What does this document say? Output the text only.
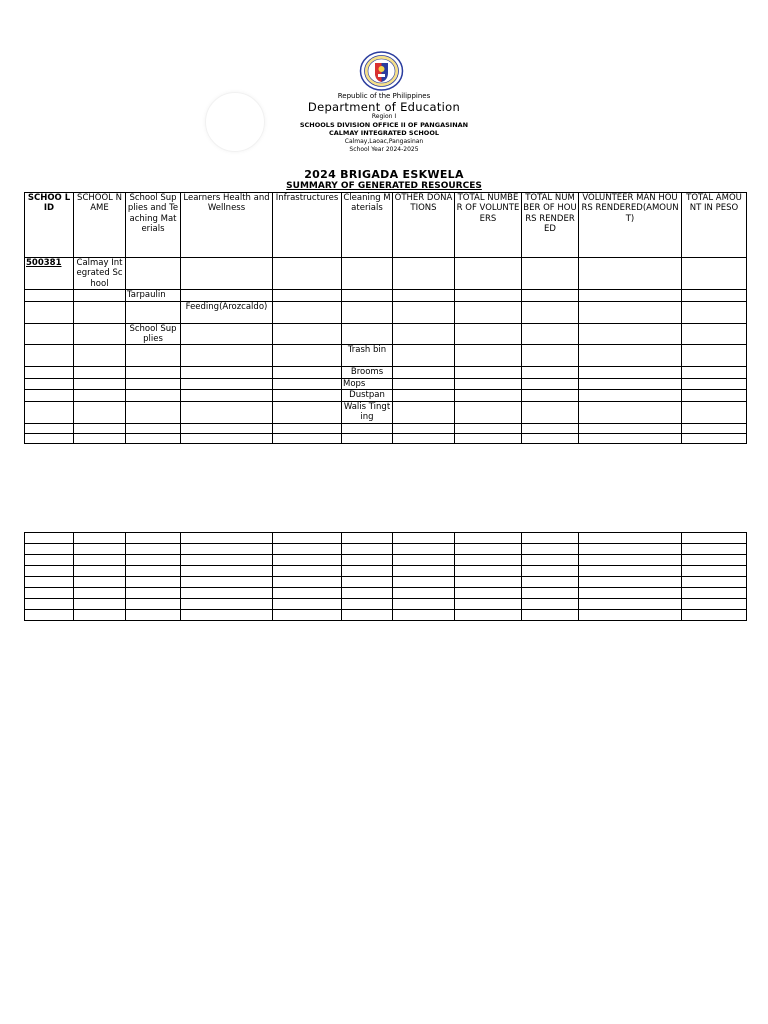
Republic of the Philippines
Department of Education
Region I
SCHOOLS DIVISION OFFICE II OF PANGASINAN
CALMAY INTEGRATED SCHOOL
Calmay,Laoac,Pangasinan
School Year 2024-2025
2024 BRIGADA ESKWELA
SUMMARY OF GENERATED RESOURCES
SCHOO L ID	SCHOOL NAME	School Supplies and Teaching Materials	Learners Health and Wellness	Infrastructures	Cleaning Materials	OTHER DONATIONS	TOTAL NUMBER OF VOLUNTEERS	TOTAL NUMBER OF HOURS RENDERED	VOLUNTEER MAN HOURS RENDERED(AMOUNT)	TOTAL AMOUNT IN PESO
500381	Calmay Integrated School									
		Tarpaulin								
			Feeding(Arozcaldo)							
		School Supplies								
					Trash bin					
					Brooms					
					Mops					
					Dustpan					
					Walis Tingting					
